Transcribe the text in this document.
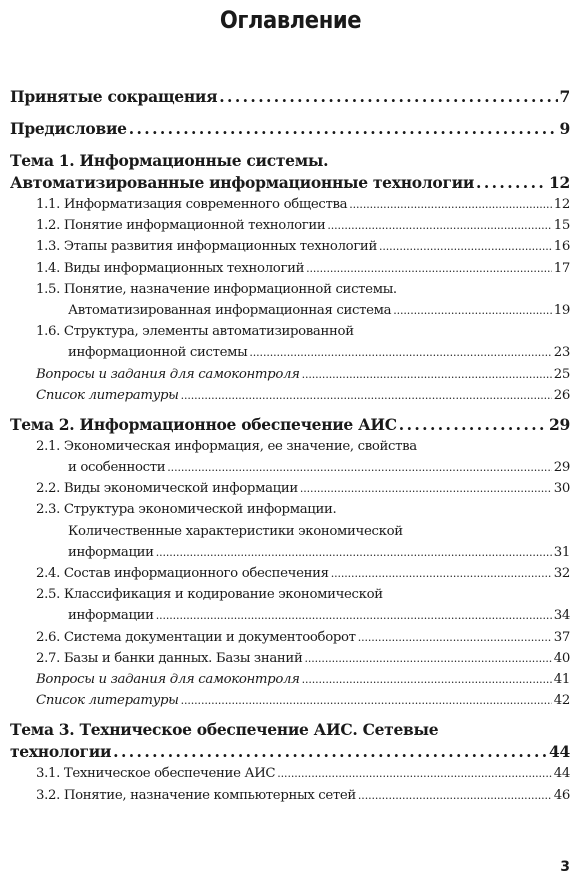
Оглавление
Принятые сокращения . . .	7
Предисловие . . .	9
Тема 1. Информационные системы.
Автоматизированные информационные технологии . . .	12
1.1. Информатизация современного общества . . .	12
1.2. Понятие информационной технологии . . .	15
1.3. Этапы развития информационных технологий . . .	16
1.4. Виды информационных технологий . . .	17
1.5. Понятие, назначение информационной системы.
Автоматизированная информационная система . . .	19
1.6. Структура, элементы автоматизированной
информационной системы . . .	23
Вопросы и задания для самоконтроля . . .	25
Список литературы . . .	26
Тема 2. Информационное обеспечение АИС . . .	29
2.1. Экономическая информация, ее значение, свойства
и особенности . . .	29
2.2. Виды экономической информации . . .	30
2.3. Структура экономической информации.
Количественные характеристики экономической
информации . . .	31
2.4. Состав информационного обеспечения . . .	32
2.5. Классификация и кодирование экономической
информации . . .	34
2.6. Система документации и документооборот . . .	37
2.7. Базы и банки данных. Базы знаний . . .	40
Вопросы и задания для самоконтроля . . .	41
Список литературы . . .	42
Тема 3. Техническое обеспечение АИС. Сетевые
технологии . . .	44
3.1. Техническое обеспечение АИС . . .	44
3.2. Понятие, назначение компьютерных сетей . . .	46
3
